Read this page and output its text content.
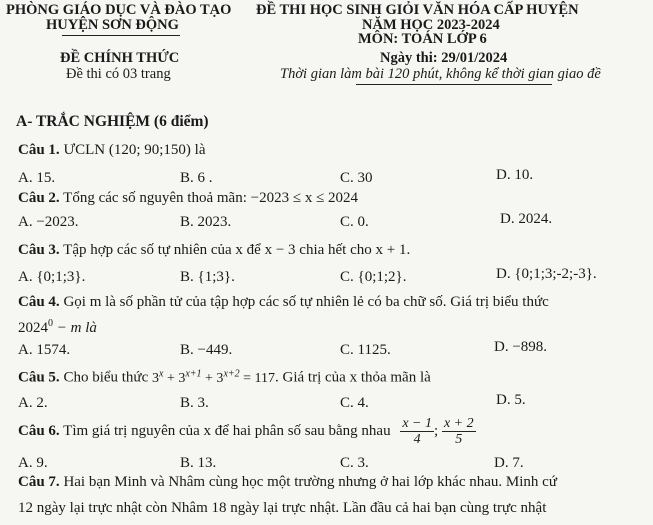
PHÒNG GIÁO DỤC VÀ ĐÀO TẠO
HUYỆN SƠN ĐỘNG
ĐỀ CHÍNH THỨC
Đề thi có 03 trang
ĐỀ THI HỌC SINH GIỎI VĂN HÓA CẤP HUYỆN
NĂM HỌC 2023-2024
MÔN: TOÁN LỚP 6
Ngày thi: 29/01/2024
Thời gian làm bài 120 phút, không kể thời gian giao đề
A- TRẮC NGHIỆM (6 điểm)
Câu 1. ƯCLN (120; 90;150) là
A. 15.	B. 6 .	C. 30	D. 10.
Câu 2. Tổng các số nguyên thoả mãn: −2023 ≤ x ≤ 2024
A. −2023.	B. 2023.	C. 0.	D. 2024.
Câu 3. Tập hợp các số tự nhiên của x để x − 3 chia hết cho x + 1.
A. {0;1;3}.	B. {1;3}.	C. {0;1;2}.	D. {0;1;3;-2;-3}.
Câu 4. Gọi m là số phần tử của tập hợp các số tự nhiên lẻ có ba chữ số. Giá trị biểu thức
$2024^0 - m$ là
A. 1574.	B. −449.	C. 1125.	D. −898.
Câu 5. Cho biểu thức $3^x + 3^{x+1} + 3^{x+2} = 117$. Giá trị của x thỏa mãn là
A. 2.	B. 3.	C. 4.	D. 5.
Câu 6. Tìm giá trị nguyên của x để hai phân số sau bằng nhau $\frac{x - 1}{4}$ ; $\frac{x + 2}{5}$
A. 9.	B. 13.	C. 3.	D. 7.
Câu 7. Hai bạn Minh và Nhâm cùng học một trường nhưng ở hai lớp khác nhau. Minh cứ
12 ngày lại trực nhật còn Nhâm 18 ngày lại trực nhật. Lần đầu cả hai bạn cùng trực nhật
